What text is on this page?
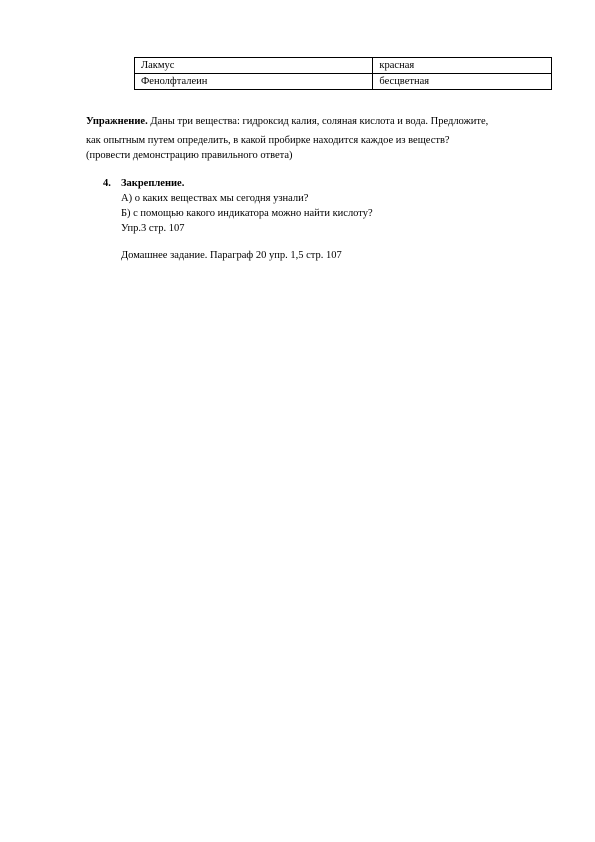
Лакмус	красная
Фенолфталеин	бесцветная
Упражнение. Даны три вещества: гидроксид калия, соляная кислота и вода. Предложите,
как опытным путем определить, в какой пробирке находится каждое из веществ?
(провести демонстрацию правильного ответа)
4. Закрепление.
А) о каких веществах мы сегодня узнали?
Б) с помощью какого индикатора можно найти кислоту?
Упр.3 стр. 107
Домашнее задание. Параграф 20 упр. 1,5 стр. 107
